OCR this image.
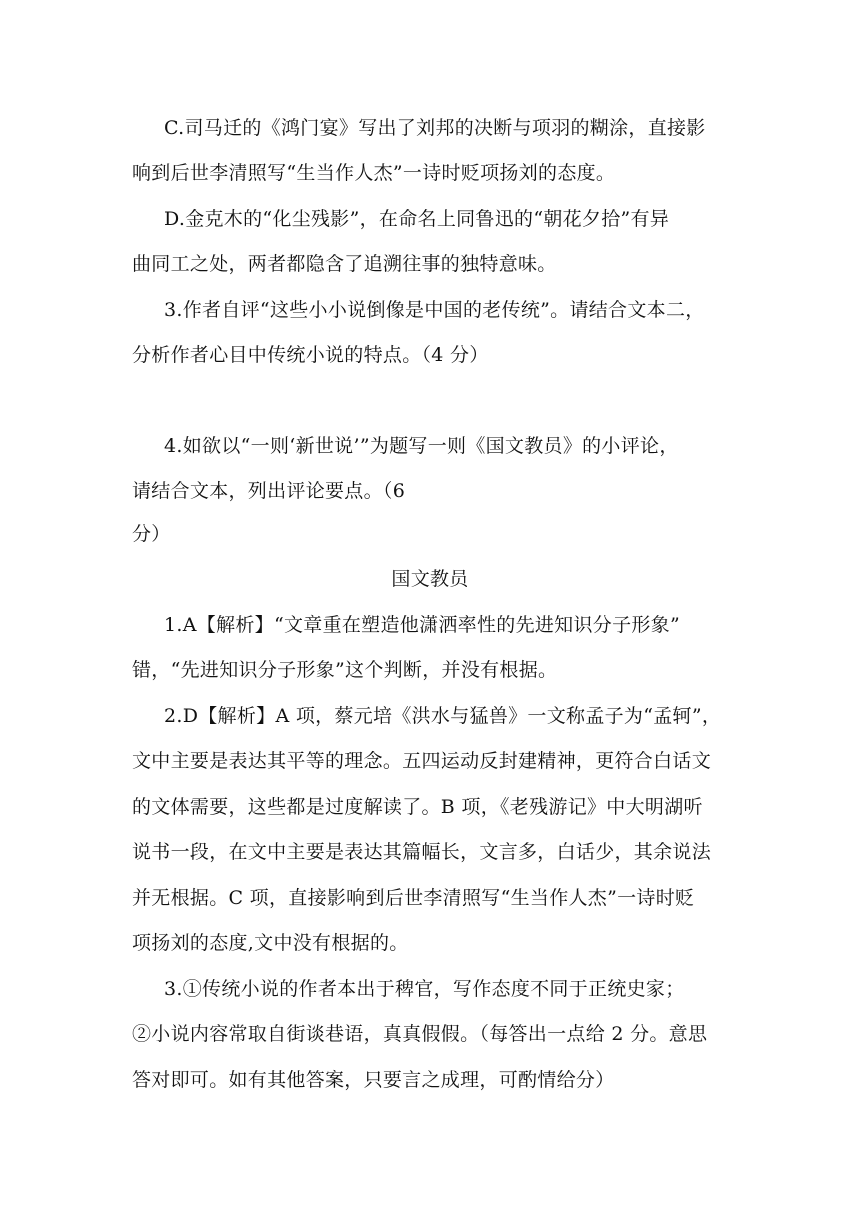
C.司马迁的《鸿门宴》写出了刘邦的决断与项羽的糊涂，直接影
响到后世李清照写“生当作人杰”一诗时贬项扬刘的态度。
D.金克木的“化尘残影”，在命名上同鲁迅的“朝花夕拾”有异
曲同工之处，两者都隐含了追溯往事的独特意味。
3.作者自评“这些小小说倒像是中国的老传统”。请结合文本二，
分析作者心目中传统小说的特点。（4 分）
4.如欲以“一则‘新世说’”为题写一则《国文教员》的小评论，
请结合文本，列出评论要点。（6
分）
国文教员
1.A【解析】“文章重在塑造他潇洒率性的先进知识分子形象”
错，“先进知识分子形象”这个判断，并没有根据。
2.D【解析】A 项，蔡元培《洪水与猛兽》一文称孟子为“孟轲”，
文中主要是表达其平等的理念。五四运动反封建精神，更符合白话文
的文体需要，这些都是过度解读了。B 项，《老残游记》中大明湖听
说书一段，在文中主要是表达其篇幅长，文言多，白话少，其余说法
并无根据。C 项，直接影响到后世李清照写“生当作人杰”一诗时贬
项扬刘的态度,文中没有根据的。
3.①传统小说的作者本出于稗官，写作态度不同于正统史家；
②小说内容常取自街谈巷语，真真假假。（每答出一点给 2 分。意思
答对即可。如有其他答案，只要言之成理，可酌情给分）
